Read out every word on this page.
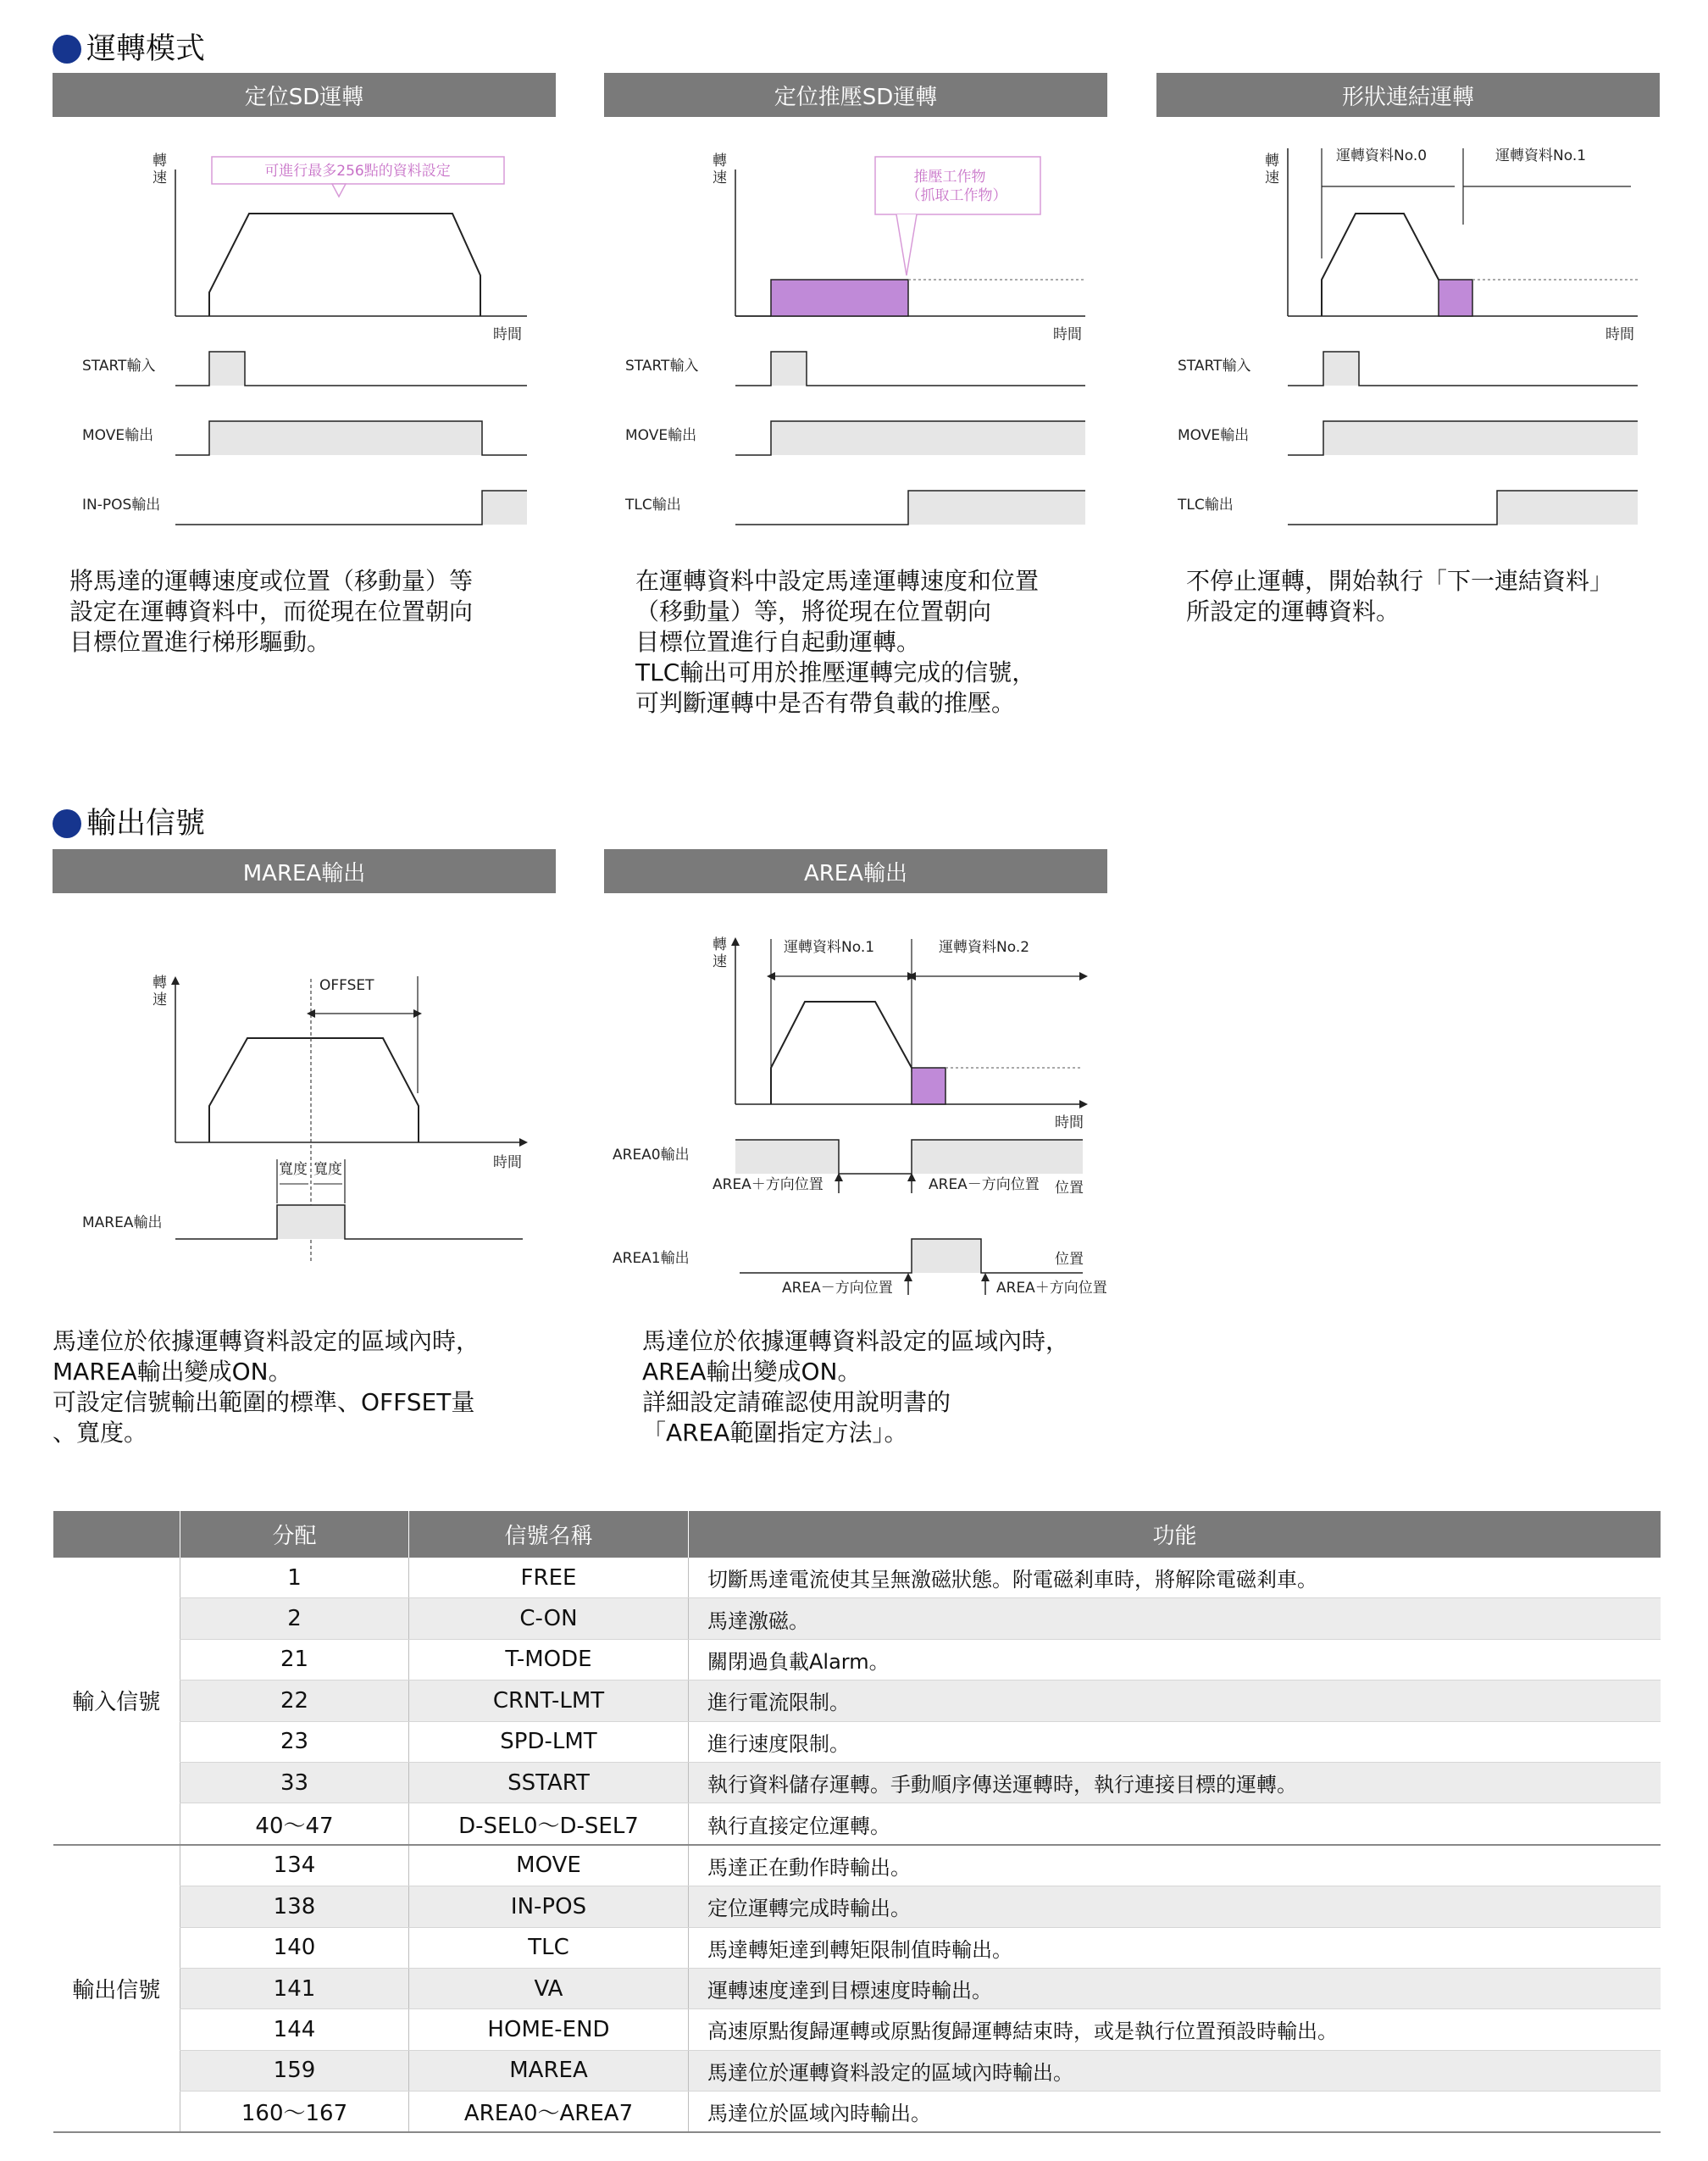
運轉模式
定位SD運轉	定位推壓SD運轉	形狀連結運轉
轉速
時間
可進行最多256點的資料設定
START輸入
MOVE輸出
IN-POS輸出
轉速
時間
推壓工作物
（抓取工作物）
START輸入
MOVE輸出
TLC輸出
轉速
時間
運轉資料No.0	運轉資料No.1
START輸入
MOVE輸出
TLC輸出
將馬達的運轉速度或位置（移動量）等
設定在運轉資料中，而從現在位置朝向
目標位置進行梯形驅動。
在運轉資料中設定馬達運轉速度和位置
（移動量）等，將從現在位置朝向
目標位置進行自起動運轉。
TLC輸出可用於推壓運轉完成的信號，
可判斷運轉中是否有帶負載的推壓。
不停止運轉，開始執行「下一連結資料」
所設定的運轉資料。
輸出信號
MAREA輸出	AREA輸出
轉速
時間
OFFSET
寬度 寬度
MAREA輸出
轉速
時間
運轉資料No.1	運轉資料No.2
AREA0輸出
AREA＋方向位置	AREA－方向位置 位置
AREA1輸出
AREA－方向位置	AREA＋方向位置
位置
馬達位於依據運轉資料設定的區域內時，
MAREA輸出變成ON。
可設定信號輸出範圍的標準、OFFSET量
、寬度。
馬達位於依據運轉資料設定的區域內時，
AREA輸出變成ON。
詳細設定請確認使用說明書的
「AREA範圍指定方法」。
	分配	信號名稱	功能
輸入信號	1	FREE	切斷馬達電流使其呈無激磁狀態。附電磁剎車時，將解除電磁剎車。
	2	C-ON	馬達激磁。
	21	T-MODE	關閉過負載Alarm。
	22	CRNT-LMT	進行電流限制。
	23	SPD-LMT	進行速度限制。
	33	SSTART	執行資料儲存運轉。手動順序傳送運轉時，執行連接目標的運轉。
	40～47	D-SEL0～D-SEL7	執行直接定位運轉。
輸出信號	134	MOVE	馬達正在動作時輸出。
	138	IN-POS	定位運轉完成時輸出。
	140	TLC	馬達轉矩達到轉矩限制值時輸出。
	141	VA	運轉速度達到目標速度時輸出。
	144	HOME-END	高速原點復歸運轉或原點復歸運轉結束時，或是執行位置預設時輸出。
	159	MAREA	馬達位於運轉資料設定的區域內時輸出。
	160～167	AREA0～AREA7	馬達位於區域內時輸出。
